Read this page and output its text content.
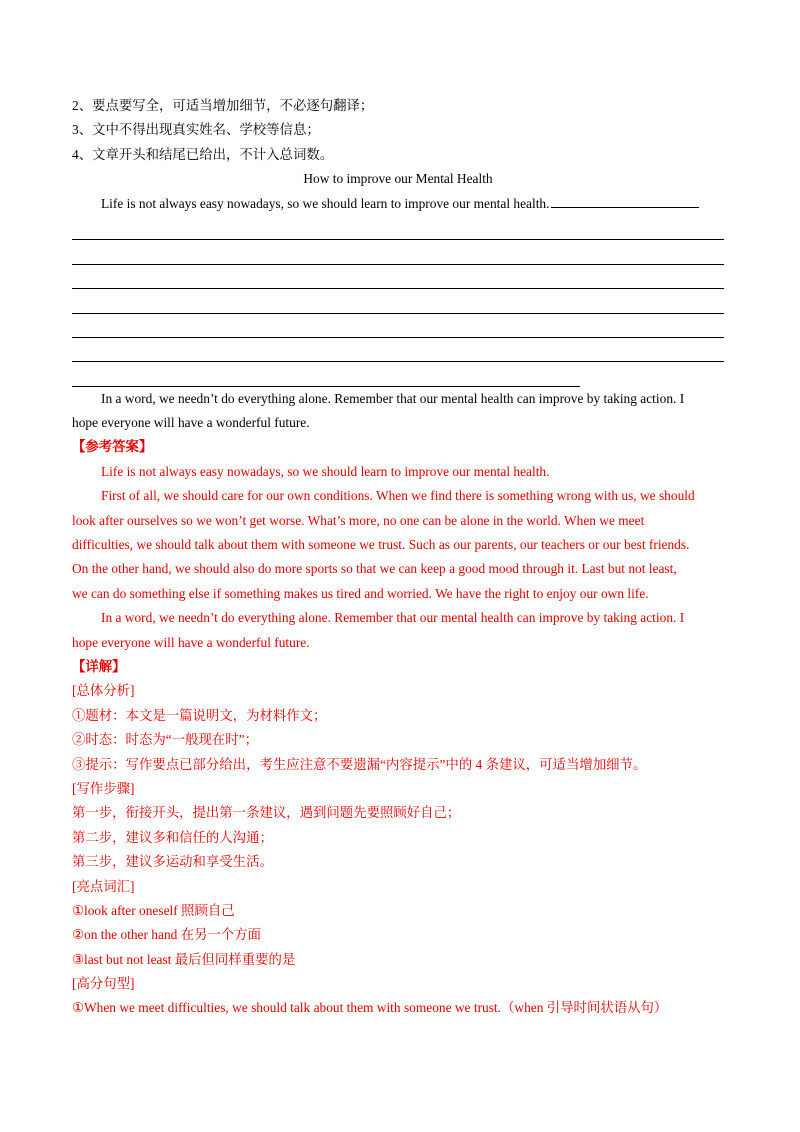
2、要点要写全，可适当增加细节，不必逐句翻译；
3、文中不得出现真实姓名、学校等信息；
4、文章开头和结尾已给出，不计入总词数。
How to improve our Mental Health
Life is not always easy nowadays, so we should learn to improve our mental health.
In a word, we needn’t do everything alone. Remember that our mental health can improve by taking action. I
hope everyone will have a wonderful future.
【参考答案】
Life is not always easy nowadays, so we should learn to improve our mental health.
First of all, we should care for our own conditions. When we find there is something wrong with us, we should
look after ourselves so we won’t get worse. What’s more, no one can be alone in the world. When we meet
difficulties, we should talk about them with someone we trust. Such as our parents, our teachers or our best friends.
On the other hand, we should also do more sports so that we can keep a good mood through it. Last but not least,
we can do something else if something makes us tired and worried. We have the right to enjoy our own life.
In a word, we needn’t do everything alone. Remember that our mental health can improve by taking action. I
hope everyone will have a wonderful future.
【详解】
[总体分析]
①题材：本文是一篇说明文，为材料作文；
②时态：时态为“一般现在时”；
③提示：写作要点已部分给出，考生应注意不要遗漏“内容提示”中的 4 条建议，可适当增加细节。
[写作步骤]
第一步，衔接开头，提出第一条建议，遇到问题先要照顾好自己；
第二步，建议多和信任的人沟通；
第三步，建议多运动和享受生活。
[亮点词汇]
①look after oneself 照顾自己
②on the other hand 在另一个方面
③last but not least 最后但同样重要的是
[高分句型]
①When we meet difficulties, we should talk about them with someone we trust.（when 引导时间状语从句）
